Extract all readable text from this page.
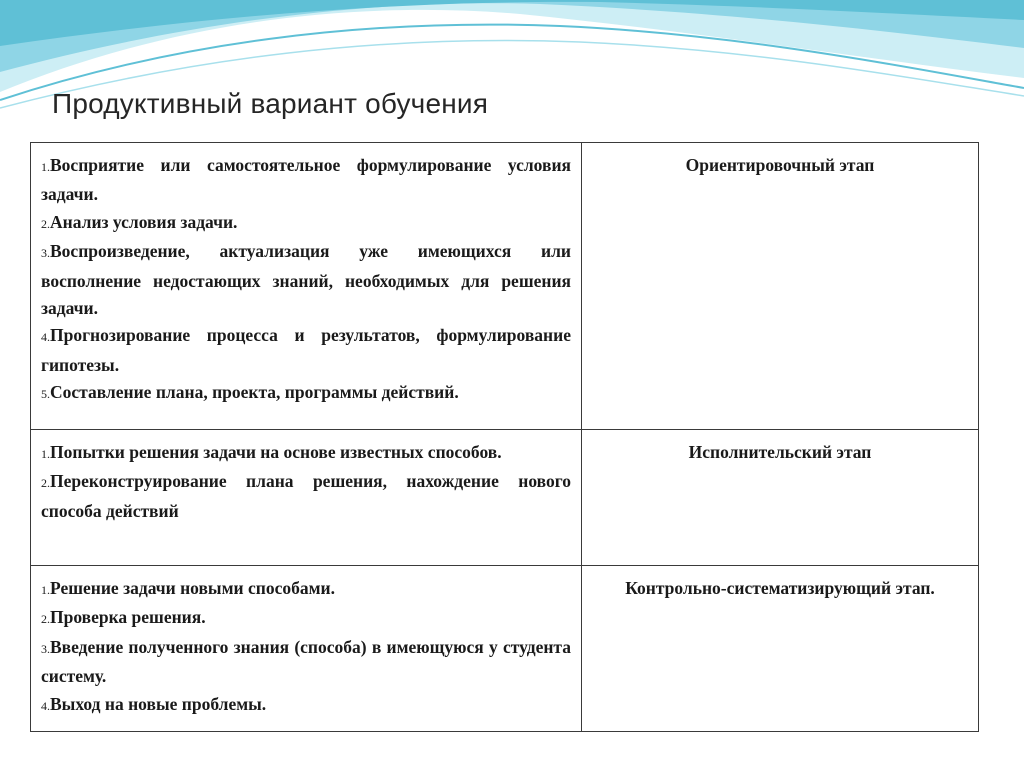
Продуктивный вариант обучения
1.Восприятие или самостоятельное формулирование условия задачи.
2.Анализ условия задачи.
3.Воспроизведение, актуализация уже имеющихся или восполнение недостающих знаний, необходимых для решения задачи.
4.Прогнозирование процесса и результатов, формулирование гипотезы.
5.Составление плана, проекта, программы действий.	Ориентировочный этап

1.Попытки решения задачи на основе известных способов.
2.Переконструирование плана решения, нахождение нового способа действий	Исполнительский этап

1.Решение задачи новыми способами.
2.Проверка решения.
3.Введение полученного знания (способа) в имеющуюся у студента систему.
4.Выход на новые проблемы.	Контрольно-систематизирующий этап.
